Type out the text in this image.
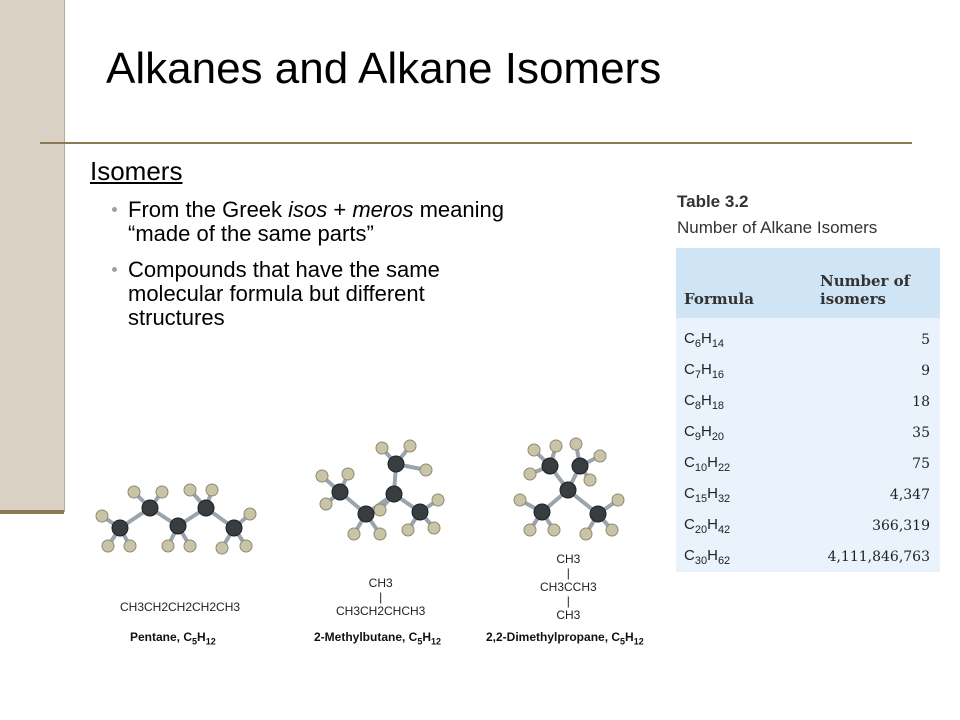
Alkanes and Alkane Isomers
Isomers
From the Greek isos + meros meaning “made of the same parts”
Compounds that have the same molecular formula but different structures
Table 3.2
Number of Alkane Isomers
Formula	Number of isomers
$C_6H_{14}$	5
$C_7H_{16}$	9
$C_8H_{18}$	18
$C_9H_{20}$	35
$C_{10}H_{22}$	75
$C_{15}H_{32}$	4,347
$C_{20}H_{42}$	366,319
$C_{30}H_{62}$	4,111,846,763
CH3CH2CH2CH2CH3
CH3
|
CH3CH2CHCH3
CH3
|
CH3CCH3
|
CH3
Pentane, $C_5H_{12}$	2-Methylbutane, $C_5H_{12}$	2,2-Dimethylpropane, $C_5H_{12}$
